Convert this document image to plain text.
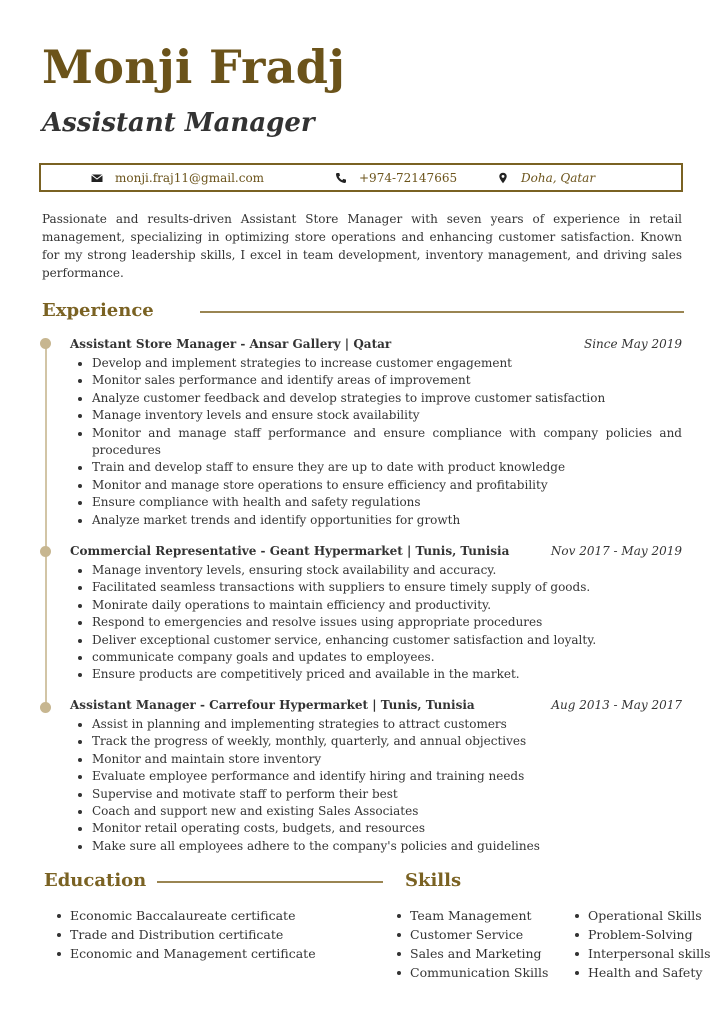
Monji Fradj
Assistant Manager
monji.fraj11@gmail.com	+974-72147665	Doha, Qatar

Passionate and results-driven Assistant Store Manager with seven years of experience in retail management, specializing in optimizing store operations and enhancing customer satisfaction. Known for my strong leadership skills, I excel in team development, inventory management, and driving sales performance.

Experience
Assistant Store Manager - Ansar Gallery | Qatar	Since May 2019
Develop and implement strategies to increase customer engagement
Monitor sales performance and identify areas of improvement
Analyze customer feedback and develop strategies to improve customer satisfaction
Manage inventory levels and ensure stock availability
Monitor and manage staff performance and ensure compliance with company policies and procedures
Train and develop staff to ensure they are up to date with product knowledge
Monitor and manage store operations to ensure efficiency and profitability
Ensure compliance with health and safety regulations
Analyze market trends and identify opportunities for growth
Commercial Representative - Geant Hypermarket | Tunis, Tunisia	Nov 2017 - May 2019
Manage inventory levels, ensuring stock availability and accuracy.
Facilitated seamless transactions with suppliers to ensure timely supply of goods.
Monirate daily operations to maintain efficiency and productivity.
Respond to emergencies and resolve issues using appropriate procedures
Deliver exceptional customer service, enhancing customer satisfaction and loyalty.
communicate company goals and updates to employees.
Ensure products are competitively priced and available in the market.
Assistant Manager - Carrefour Hypermarket | Tunis, Tunisia	Aug 2013 - May 2017
Assist in planning and implementing strategies to attract customers
Track the progress of weekly, monthly, quarterly, and annual objectives
Monitor and maintain store inventory
Evaluate employee performance and identify hiring and training needs
Supervise and motivate staff to perform their best
Coach and support new and existing Sales Associates
Monitor retail operating costs, budgets, and resources
Make sure all employees adhere to the company's policies and guidelines
Education	Skills
Economic Baccalaureate certificate
Trade and Distribution certificate
Economic and Management certificate
Team Management
Customer Service
Sales and Marketing
Communication Skills
Operational Skills
Problem-Solving
Interpersonal skills
Health and Safety
